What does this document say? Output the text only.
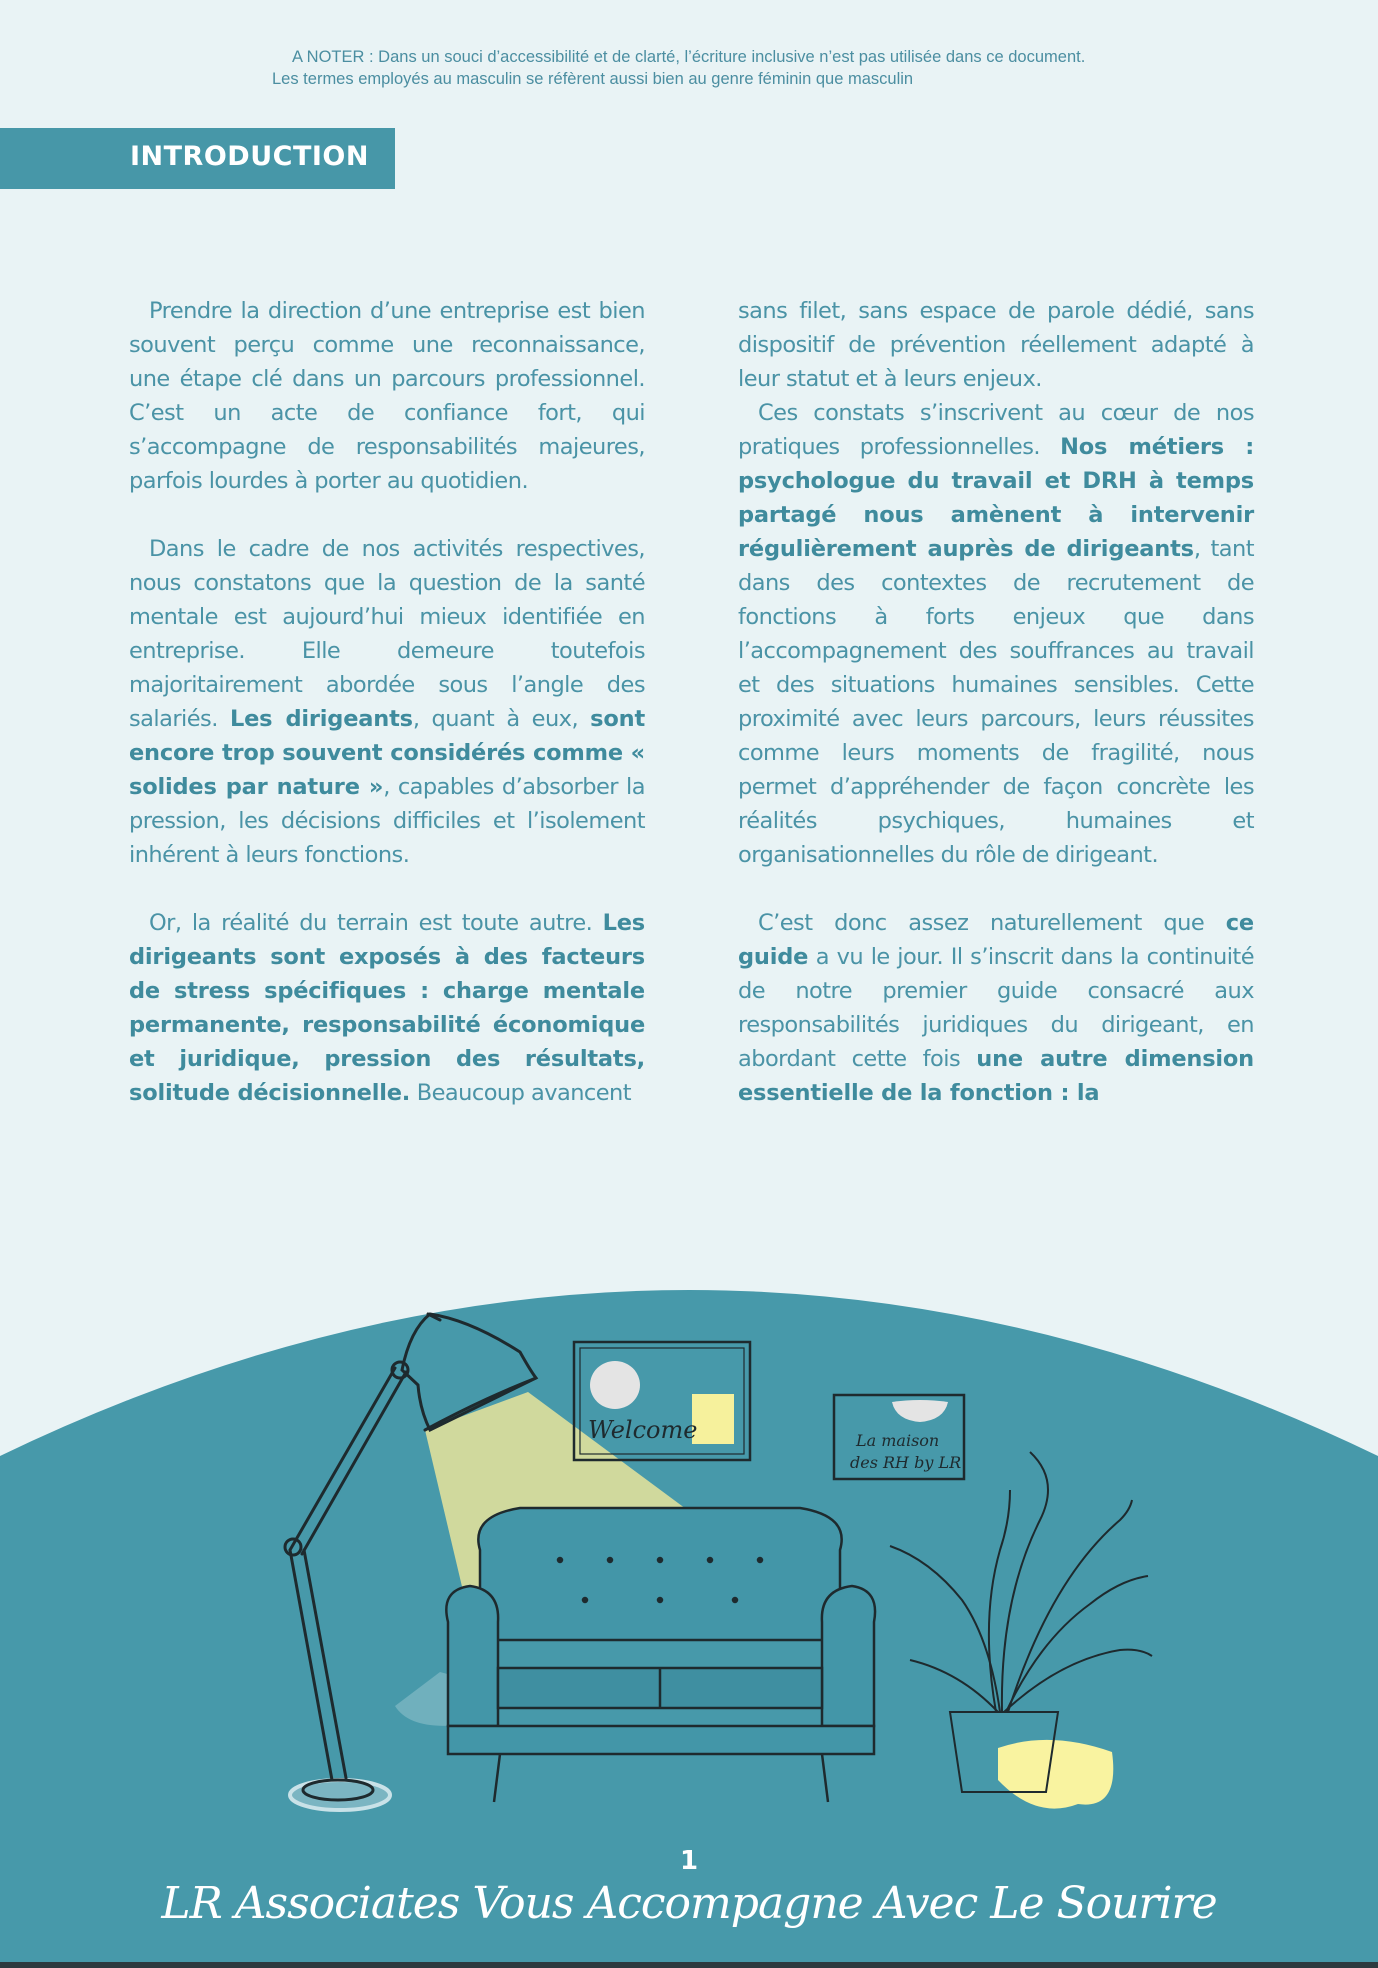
A NOTER : Dans un souci d’accessibilité et de clarté, l’écriture inclusive n’est pas utilisée dans ce document.

Les termes employés au masculin se réfèrent aussi bien au genre féminin que masculin

INTRODUCTION

Prendre la direction d’une entreprise est bien souvent perçu comme une reconnaissance, une étape clé dans un parcours professionnel. C’est un acte de confiance fort, qui s’accompagne de responsabilités majeures, parfois lourdes à porter au quotidien.

Dans le cadre de nos activités respectives, nous constatons que la question de la santé mentale est aujourd’hui mieux identifiée en entreprise. Elle demeure toutefois majoritairement abordée sous l’angle des salariés. Les dirigeants, quant à eux, sont encore trop souvent considérés comme « solides par nature », capables d’absorber la pression, les décisions difficiles et l’isolement inhérent à leurs fonctions.

Or, la réalité du terrain est toute autre. Les dirigeants sont exposés à des facteurs de stress spécifiques : charge mentale permanente, responsabilité économique et juridique, pression des résultats, solitude décisionnelle. Beaucoup avancent

sans filet, sans espace de parole dédié, sans dispositif de prévention réellement adapté à leur statut et à leurs enjeux.

Ces constats s’inscrivent au cœur de nos pratiques professionnelles. Nos métiers : psychologue du travail et DRH à temps partagé nous amènent à intervenir régulièrement auprès de dirigeants, tant dans des contextes de recrutement de fonctions à forts enjeux que dans l’accompagnement des souffrances au travail et des situations humaines sensibles. Cette proximité avec leurs parcours, leurs réussites comme leurs moments de fragilité, nous permet d’appréhender de façon concrète les réalités psychiques, humaines et organisationnelles du rôle de dirigeant.

C’est donc assez naturellement que ce guide a vu le jour. Il s’inscrit dans la continuité de notre premier guide consacré aux responsabilités juridiques du dirigeant, en abordant cette fois une autre dimension essentielle de la fonction : la

Welcome	La maison
des RH by LR
1
LR Associates Vous Accompagne Avec Le Sourire
